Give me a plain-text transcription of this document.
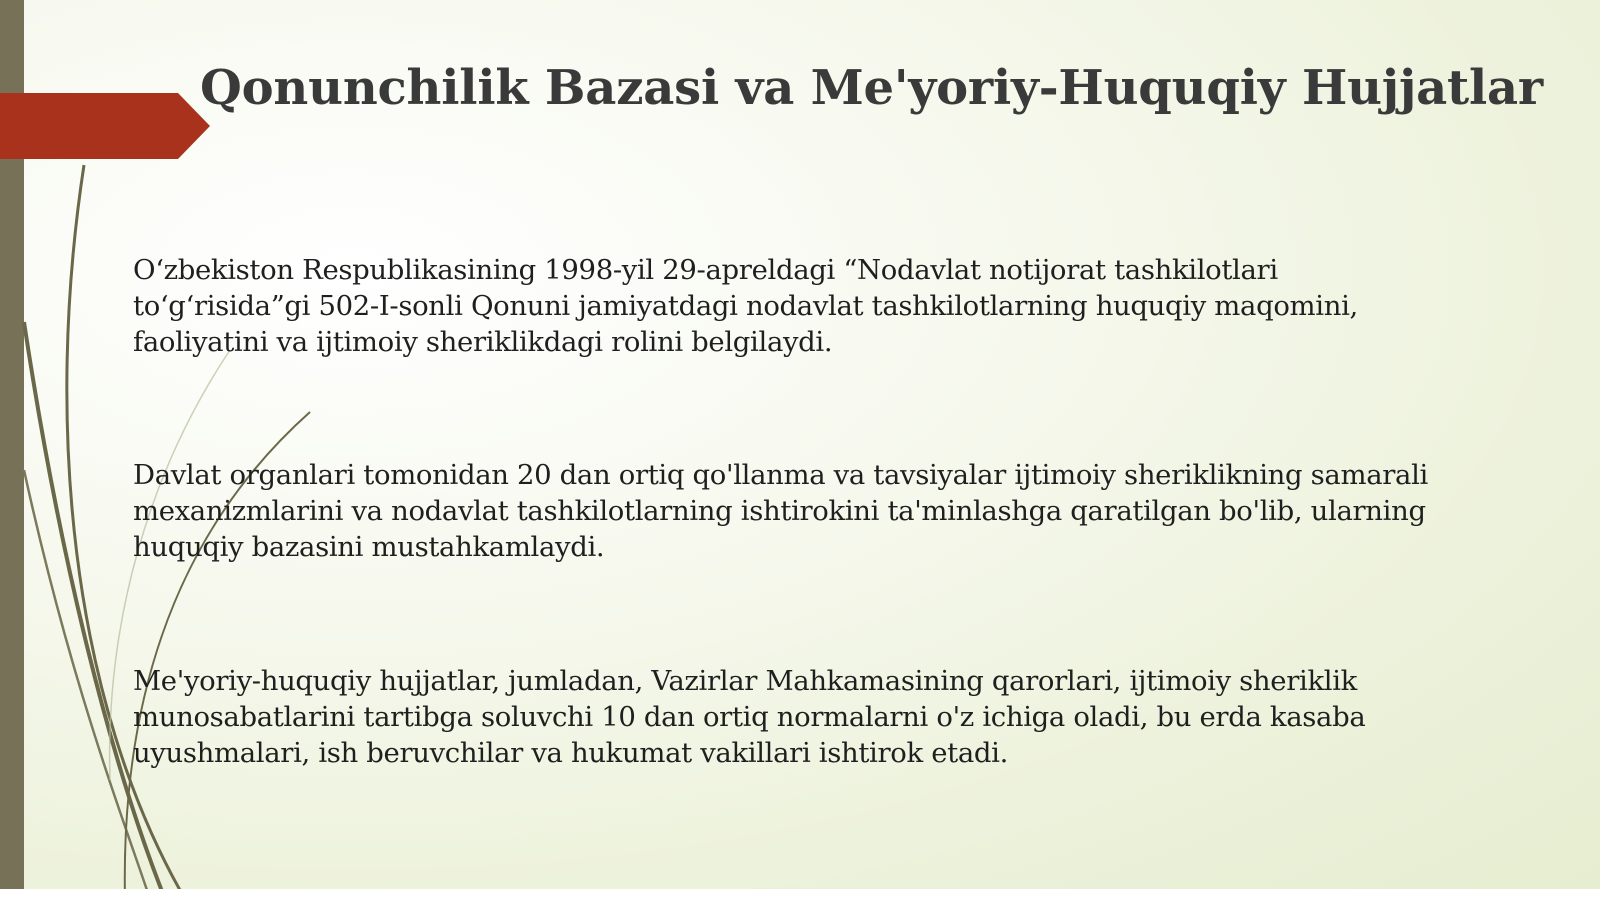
Qonunchilik Bazasi va Me'yoriy-Huquqiy Hujjatlar

O‘zbekiston Respublikasining 1998-yil 29-apreldagi “Nodavlat notijorat tashkilotlari to‘g‘risida”gi 502-I-sonli Qonuni jamiyatdagi nodavlat tashkilotlarning huquqiy maqomini, faoliyatini va ijtimoiy sheriklikdagi rolini belgilaydi.

Davlat organlari tomonidan 20 dan ortiq qo'llanma va tavsiyalar ijtimoiy sheriklikning samarali mexanizmlarini va nodavlat tashkilotlarning ishtirokini ta'minlashga qaratilgan bo'lib, ularning huquqiy bazasini mustahkamlaydi.

Me'yoriy-huquqiy hujjatlar, jumladan, Vazirlar Mahkamasining qarorlari, ijtimoiy sheriklik munosabatlarini tartibga soluvchi 10 dan ortiq normalarni o'z ichiga oladi, bu erda kasaba uyushmalari, ish beruvchilar va hukumat vakillari ishtirok etadi.
